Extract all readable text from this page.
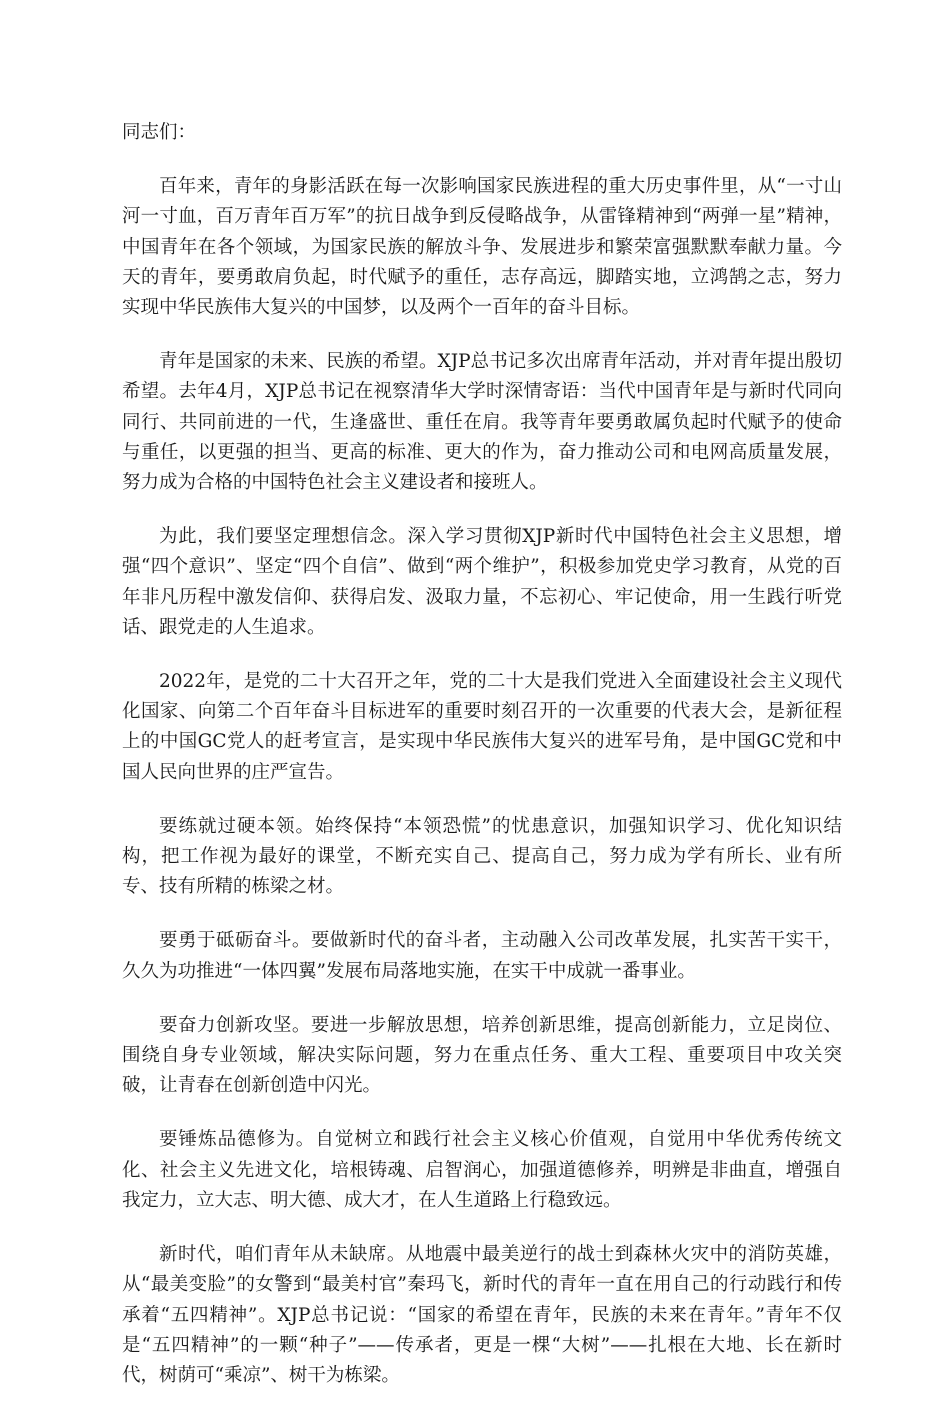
同志们：

百年来，青年的身影活跃在每一次影响国家民族进程的重大历史事件里，从“一寸山河一寸血，百万青年百万军”的抗日战争到反侵略战争，从雷锋精神到“两弹一星”精神，中国青年在各个领域，为国家民族的解放斗争、发展进步和繁荣富强默默奉献力量。今天的青年，要勇敢肩负起，时代赋予的重任，志存高远，脚踏实地，立鸿鹄之志，努力实现中华民族伟大复兴的中国梦，以及两个一百年的奋斗目标。

青年是国家的未来、民族的希望。XJP总书记多次出席青年活动，并对青年提出殷切希望。去年4月，XJP总书记在视察清华大学时深情寄语：当代中国青年是与新时代同向同行、共同前进的一代，生逢盛世、重任在肩。我等青年要勇敢属负起时代赋予的使命与重任，以更强的担当、更高的标准、更大的作为，奋力推动公司和电网高质量发展，努力成为合格的中国特色社会主义建设者和接班人。

为此，我们要坚定理想信念。深入学习贯彻XJP新时代中国特色社会主义思想，增强“四个意识”、坚定“四个自信”、做到“两个维护”，积极参加党史学习教育，从党的百年非凡历程中激发信仰、获得启发、汲取力量，不忘初心、牢记使命，用一生践行听党话、跟党走的人生追求。

2022年，是党的二十大召开之年，党的二十大是我们党进入全面建设社会主义现代化国家、向第二个百年奋斗目标进军的重要时刻召开的一次重要的代表大会，是新征程上的中国GC党人的赶考宣言，是实现中华民族伟大复兴的进军号角，是中国GC党和中国人民向世界的庄严宣告。

要练就过硬本领。始终保持“本领恐慌”的忧患意识，加强知识学习、优化知识结构，把工作视为最好的课堂，不断充实自己、提高自己，努力成为学有所长、业有所专、技有所精的栋梁之材。

要勇于砥砺奋斗。要做新时代的奋斗者，主动融入公司改革发展，扎实苦干实干，久久为功推进“一体四翼”发展布局落地实施，在实干中成就一番事业。

要奋力创新攻坚。要进一步解放思想，培养创新思维，提高创新能力，立足岗位、围绕自身专业领域，解决实际问题，努力在重点任务、重大工程、重要项目中攻关突破，让青春在创新创造中闪光。

要锤炼品德修为。自觉树立和践行社会主义核心价值观，自觉用中华优秀传统文化、社会主义先进文化，培根铸魂、启智润心，加强道德修养，明辨是非曲直，增强自我定力，立大志、明大德、成大才，在人生道路上行稳致远。

新时代，咱们青年从未缺席。从地震中最美逆行的战士到森林火灾中的消防英雄，从“最美变脸”的女警到“最美村官”秦玛飞，新时代的青年一直在用自己的行动践行和传承着“五四精神”。XJP总书记说：“国家的希望在青年，民族的未来在青年。”青年不仅是“五四精神”的一颗“种子”——传承者，更是一棵“大树”——扎根在大地、长在新时代，树荫可“乘凉”、树干为栋梁。
